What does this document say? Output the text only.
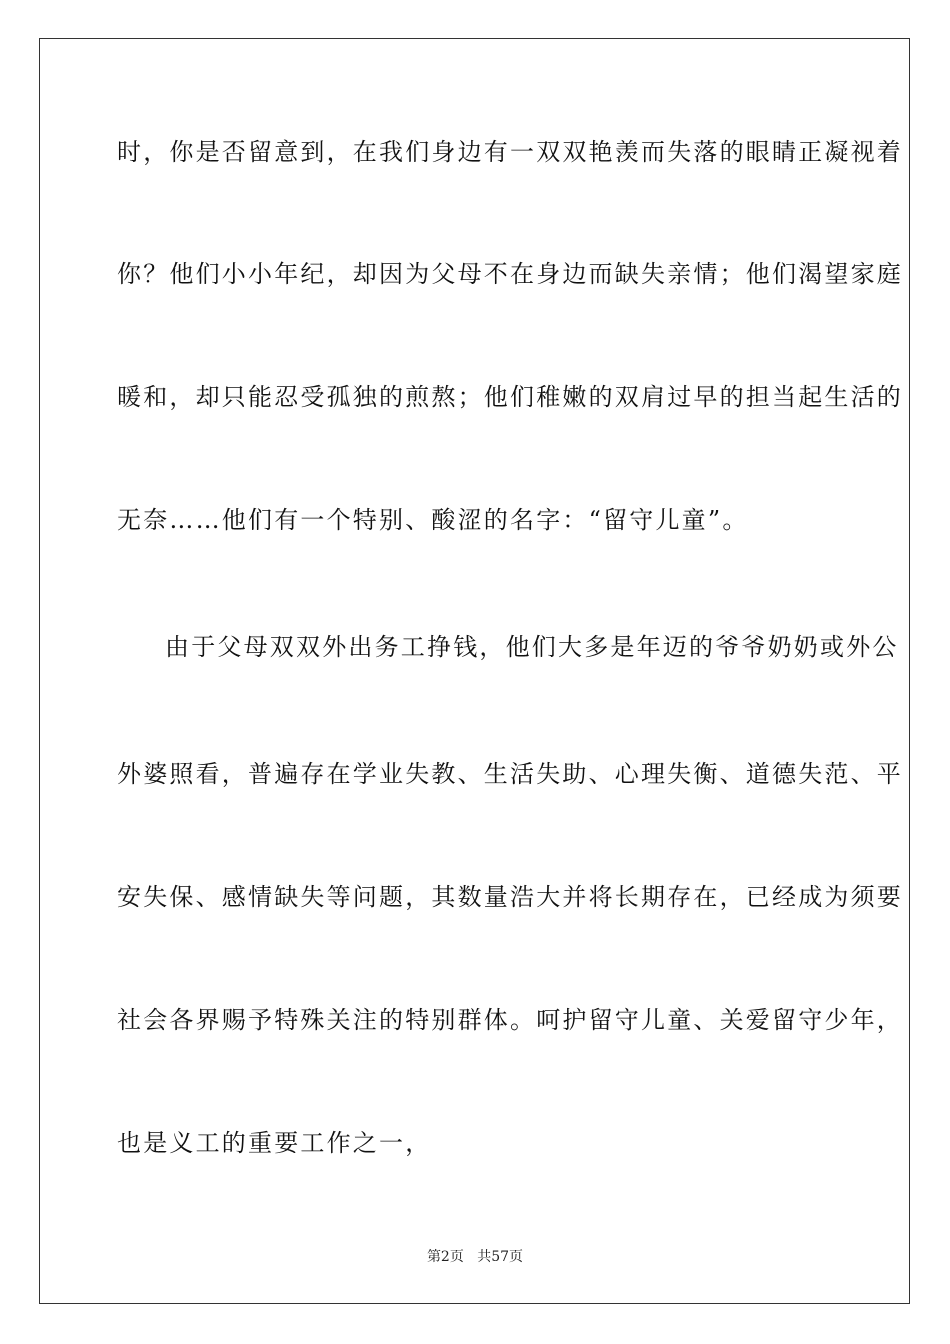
时，你是否留意到，在我们身边有一双双艳羡而失落的眼睛正凝视着
你？他们小小年纪，却因为父母不在身边而缺失亲情；他们渴望家庭
暖和，却只能忍受孤独的煎熬；他们稚嫩的双肩过早的担当起生活的
无奈……他们有一个特别、酸涩的名字：“留守儿童”。
由于父母双双外出务工挣钱，他们大多是年迈的爷爷奶奶或外公
外婆照看，普遍存在学业失教、生活失助、心理失衡、道德失范、平
安失保、感情缺失等问题，其数量浩大并将长期存在，已经成为须要
社会各界赐予特殊关注的特别群体。呵护留守儿童、关爱留守少年，
也是义工的重要工作之一，
第2页 共57页
